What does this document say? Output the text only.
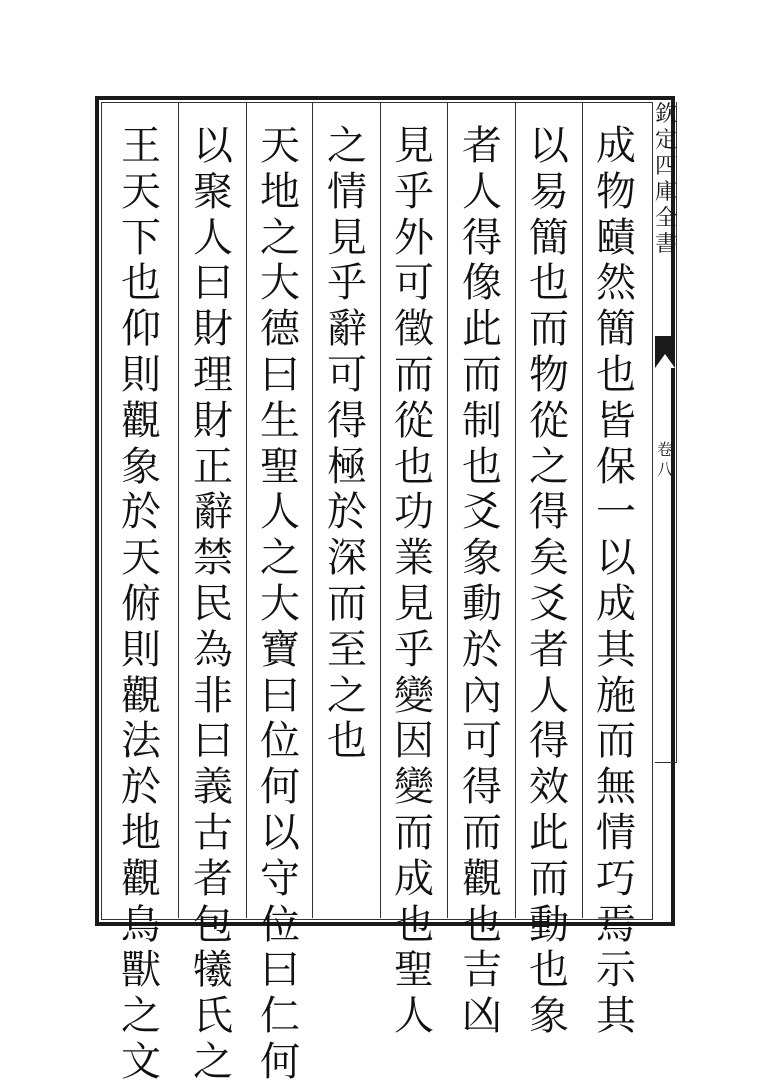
成
物
賾
然
簡
也
皆
保
一
以
成
其
施
而
無
情
巧
焉
示
其
以
易
簡
也
而
物
從
之
得
矣
爻
者
人
得
效
此
而
動
也
象
者
人
得
像
此
而
制
也
爻
象
動
於
內
可
得
而
觀
也
吉
凶
見
乎
外
可
徵
而
從
也
功
業
見
乎
變
因
變
而
成
也
聖
人
之
情
見
乎
辭
可
得
極
於
深
而
至
之
也
天
地
之
大
德
曰
生
聖
人
之
大
寶
曰
位
何
以
守
位
曰
仁
何
以
聚
人
曰
財
理
財
正
辭
禁
民
為
非
曰
義
古
者
包
犧
氏
之
王
天
下
也
仰
則
觀
象
於
天
俯
則
觀
法
於
地
觀
鳥
獸
之
文
欽
定
四
庫
全
書
卷
八
